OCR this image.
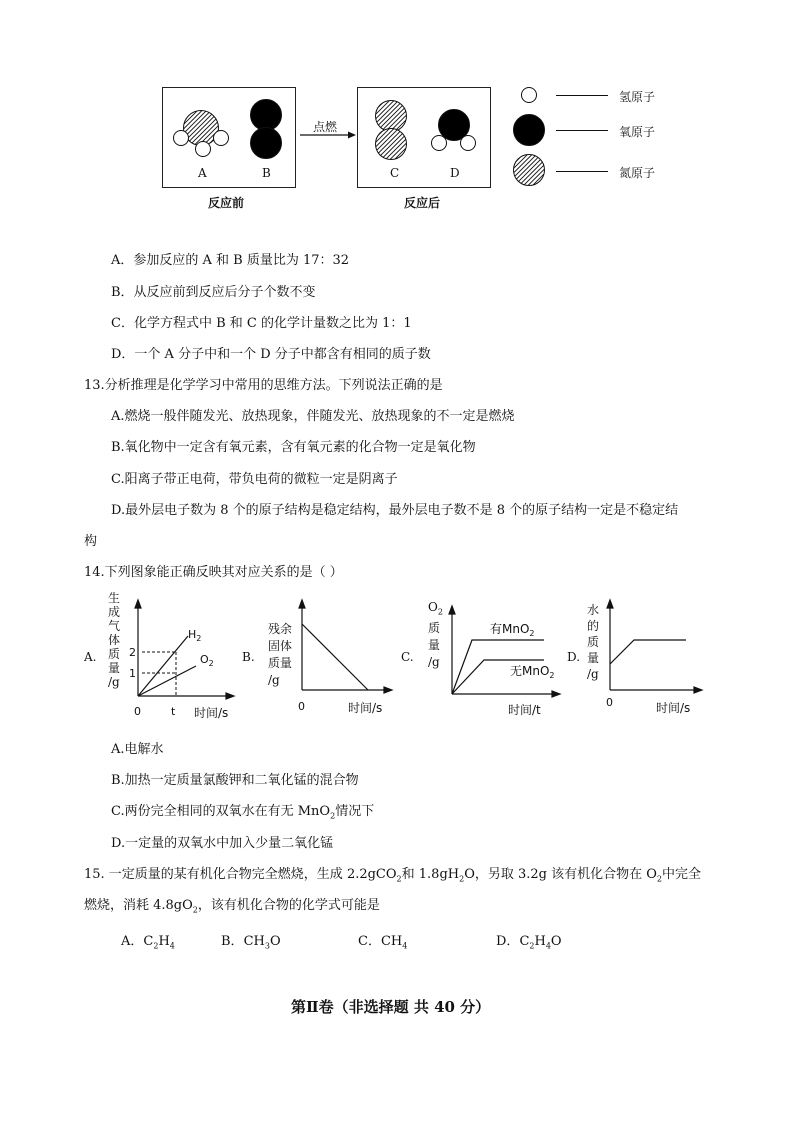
A	B
点燃
C	D
反应前	反应后
氢原子
氧原子
氮原子
A．参加反应的 A 和 B 质量比为 17：32
B．从反应前到反应后分子个数不变
C．化学方程式中 B 和 C 的化学计量数之比为 1：1
D．一个 A 分子中和一个 D 分子中都含有相同的质子数
13.分析推理是化学学习中常用的思维方法。下列说法正确的是
A.燃烧一般伴随发光、放热现象，伴随发光、放热现象的不一定是燃烧
B.氧化物中一定含有氧元素，含有氧元素的化合物一定是氧化物
C.阳离子带正电荷，带负电荷的微粒一定是阴离子
D.最外层电子数为 8 个的原子结构是稳定结构，最外层电子数不是 8 个的原子结构一定是不稳定结
构
14.下列图象能正确反映其对应关系的是（ ）
A.
生
成
气
体
质
量
/g
2
1
0	t 时间/s
$H_2$
$O_2$ B.
残余
固体
质量
/g
0	时间/s
C.
$O_2$
质
量
/g
有MnO$_2$
无MnO$_2$
时间/t
D.
水
的
质
量
/g
0	时间/s
A.电解水
B.加热一定质量氯酸钾和二氧化锰的混合物
C.两份完全相同的双氧水在有无 MnO$_2$情况下
D.一定量的双氧水中加入少量二氧化锰
15. 一定质量的某有机化合物完全燃烧，生成 2.2gCO$_2$和 $1.8gH_2O$，另取 3.2g 该有机化合物在 $O_2$中完全
燃烧，消耗 $4.8gO_2$，该有机化合物的化学式可能是
A．$C_2H_4$	B．$CH_3O$	C．$CH_4$	D．$C_2H_4O$
第Ⅱ卷（非选择题 共 40 分）
